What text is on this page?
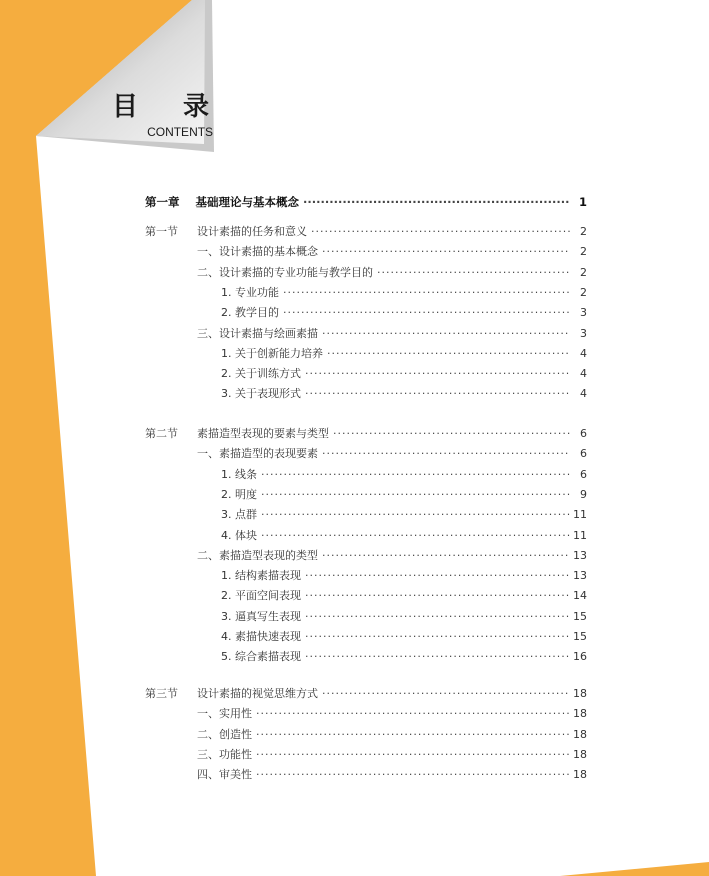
目 录
CONTENTS
第一章 基础理论与基本概念 ·····	1
第一节	设计素描的任务和意义 ·····	2
一、设计素描的基本概念 ·····	2
二、设计素描的专业功能与教学目的 ·····	2
1. 专业功能 ·····	2
2. 教学目的 ·····	3
三、设计素描与绘画素描 ·····	3
1. 关于创新能力培养 ·····	4
2. 关于训练方式 ·····	4
3. 关于表现形式 ·····	4
第二节	素描造型表现的要素与类型 ·····	6
一、素描造型的表现要素 ·····	6
1. 线条 ·····	6
2. 明度 ·····	9
3. 点群 ·····	11
4. 体块 ·····	11
二、素描造型表现的类型 ·····	13
1. 结构素描表现 ·····	13
2. 平面空间表现 ·····	14
3. 逼真写生表现 ·····	15
4. 素描快速表现 ·····	15
5. 综合素描表现 ·····	16
第三节	设计素描的视觉思维方式 ·····	18
一、实用性 ·····	18
二、创造性 ·····	18
三、功能性 ·····	18
四、审美性 ·····	18
